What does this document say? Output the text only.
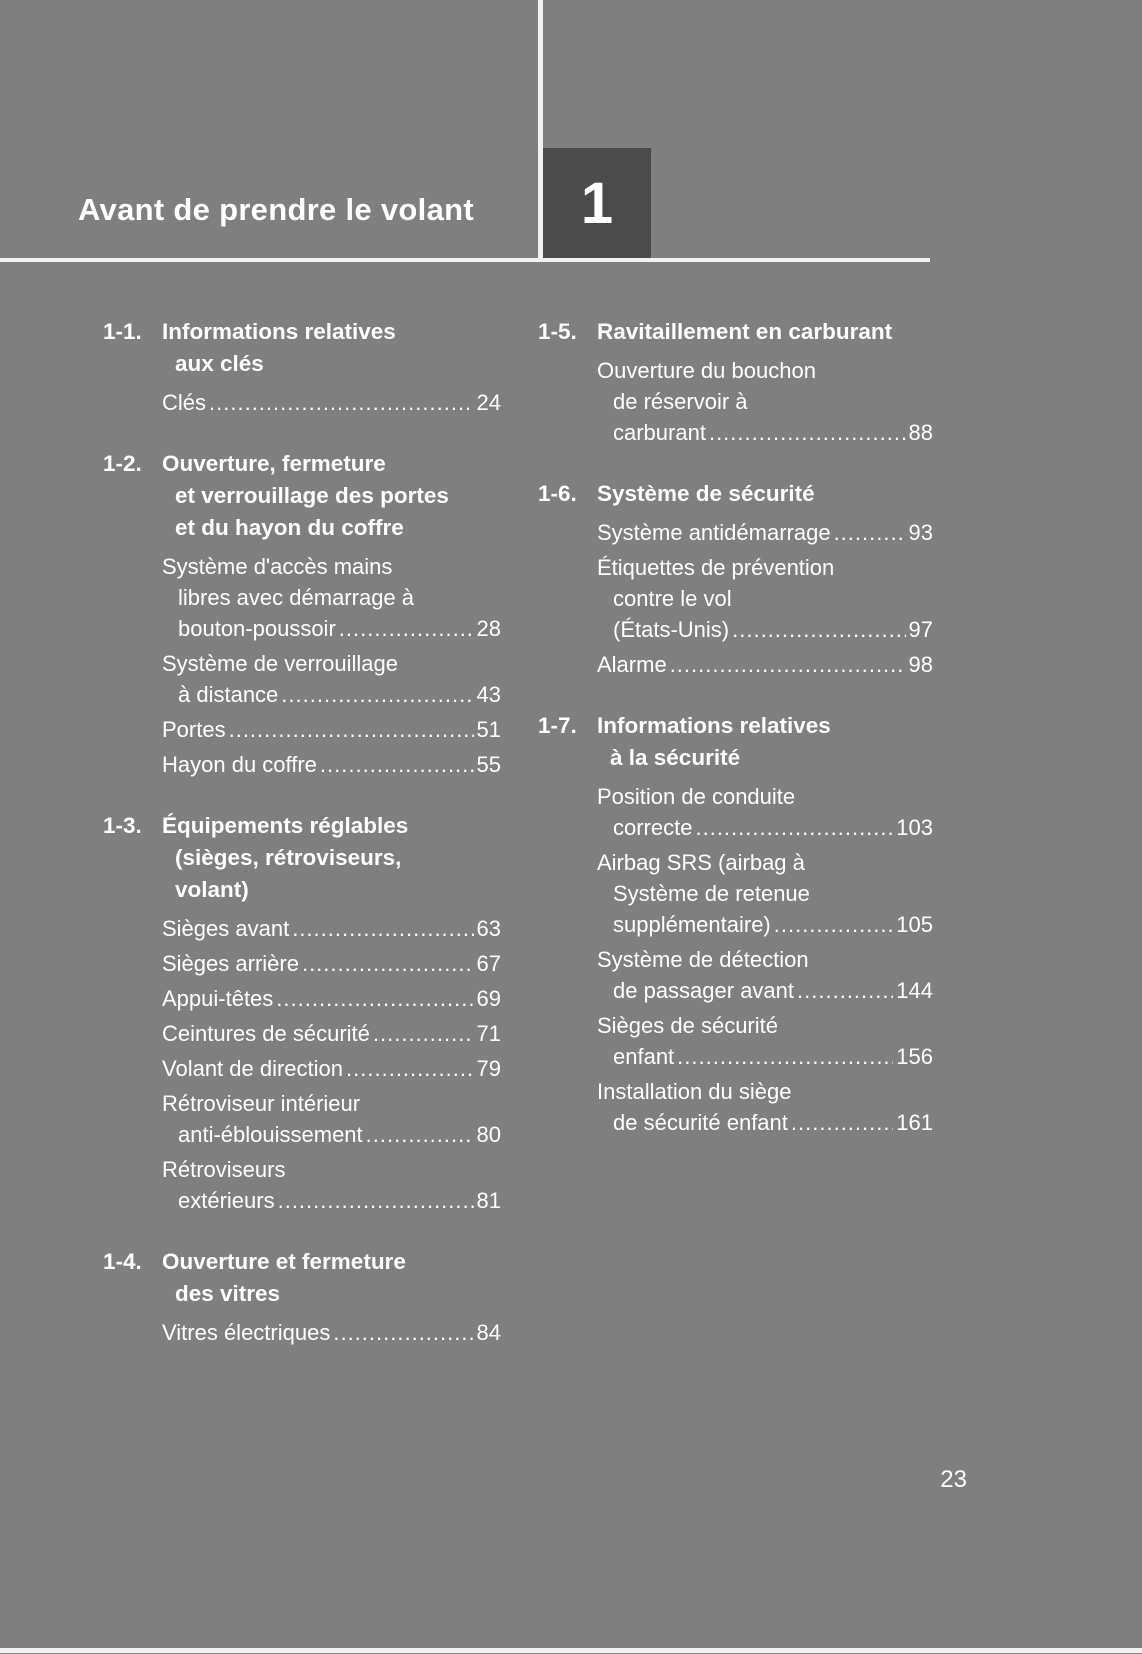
Avant de prendre le volant 1
1-1. Informations relatives
aux clés
Clés .....	24
1-2. Ouverture, fermeture
et verrouillage des portes
et du hayon du coffre
Système d'accès mains
libres avec démarrage à
bouton-poussoir .....	28
Système de verrouillage
à distance .....	43
Portes .....	51
Hayon du coffre .....	55
1-3. Équipements réglables
(sièges, rétroviseurs,
volant)
Sièges avant .....	63
Sièges arrière .....	67
Appui-têtes .....	69
Ceintures de sécurité .....	71
Volant de direction .....	79
Rétroviseur intérieur
anti-éblouissement .....	80
Rétroviseurs
extérieurs .....	81
1-4. Ouverture et fermeture
des vitres
Vitres électriques .....	84
1-5. Ravitaillement en carburant
Ouverture du bouchon
de réservoir à
carburant .....	88
1-6. Système de sécurité
Système antidémarrage .....	93
Étiquettes de prévention
contre le vol
(États-Unis) .....	97
Alarme .....	98
1-7. Informations relatives
à la sécurité
Position de conduite
correcte .....	103
Airbag SRS (airbag à
Système de retenue
supplémentaire) .....	105
Système de détection
de passager avant .....	144
Sièges de sécurité
enfant .....	156
Installation du siège
de sécurité enfant .....	161
23
